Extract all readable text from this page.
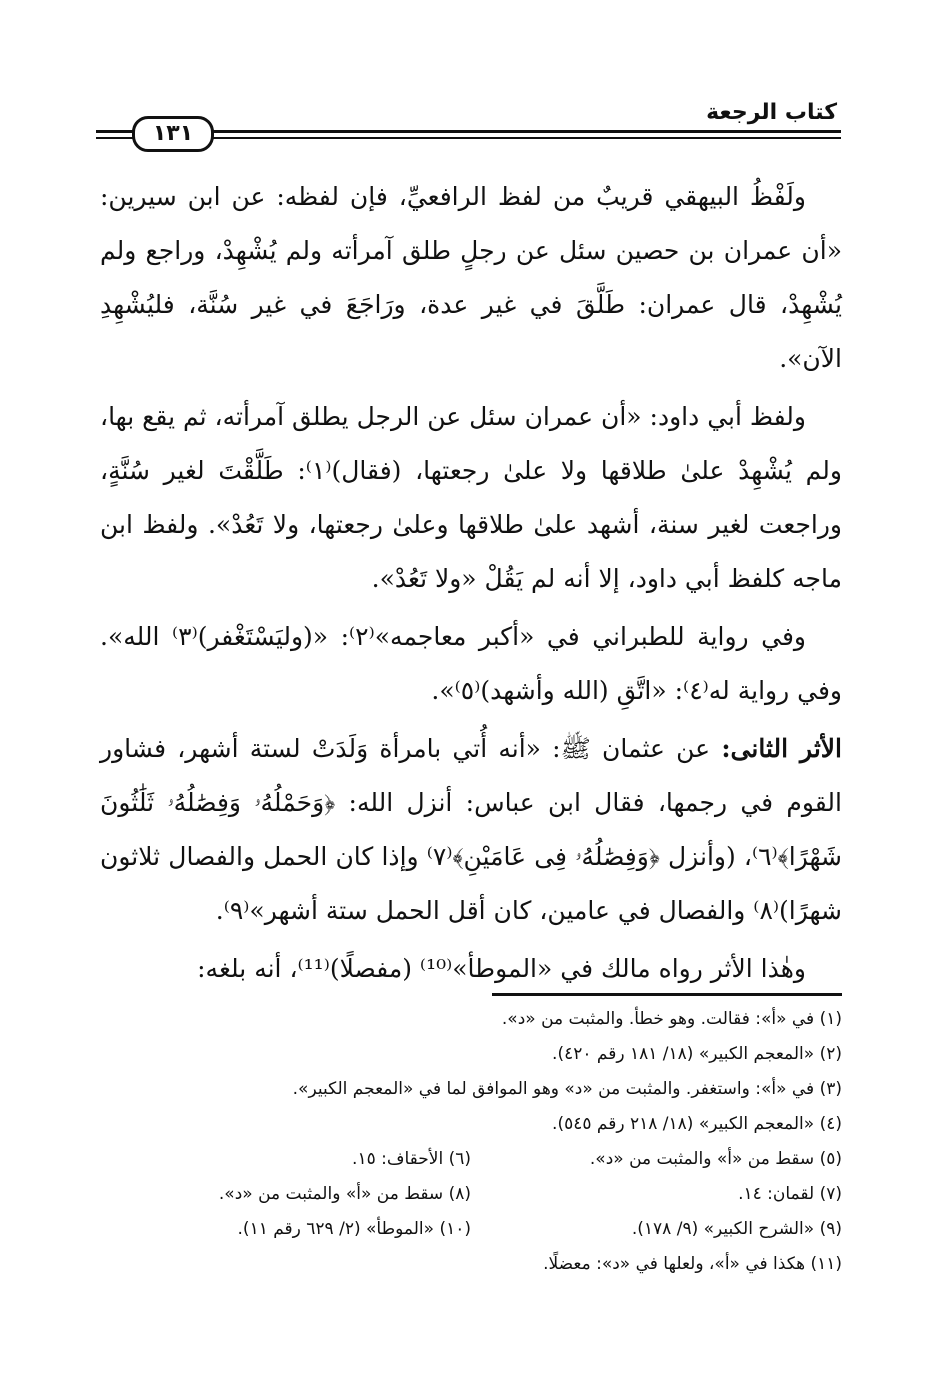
١٣١
كتاب الرجعة

ولَفْظُ البيهقي قريبٌ من لفظ الرافعيِّ، فإن لفظه: عن ابن سيرين: «أن عمران بن حصين سئل عن رجلٍ طلق آمرأته ولم يُشْهِدْ، وراجع ولم يُشْهِدْ، قال عمران: طَلَّقَ في غير عدة، ورَاجَعَ في غير سُنَّة، فليُشْهِدِ الآن».

ولفظ أبي داود: «أن عمران سئل عن الرجل يطلق آمرأته، ثم يقع بها، ولم يُشْهِدْ علىٰ طلاقها ولا علىٰ رجعتها، (فقال)⁽١⁾: طَلَّقْتَ لغير سُنَّةٍ، وراجعت لغير سنة، أشهد علىٰ طلاقها وعلىٰ رجعتها، ولا تَعُدْ». ولفظ ابن ماجه كلفظ أبي داود، إلا أنه لم يَقُلْ «ولا تَعُدْ».

وفي رواية للطبراني في «أكبر معاجمه»⁽٢⁾: «(وليَسْتَغْفر)⁽٣⁾ الله». وفي رواية له⁽٤⁾: «اتَّقِ (الله وأشهد)⁽٥⁾».

الأثر الثانى: عن عثمان ﷺ: «أنه أُتي بامرأة وَلَدَتْ لستة أشهر، فشاور القوم في رجمها، فقال ابن عباس: أنزل الله: ﴿وَحَمْلُهُۥ وَفِصَٰلُهُۥ ثَلَٰثُونَ شَهْرًا﴾⁽٦⁾، (وأنزل ﴿وَفِصَٰلُهُۥ فِى عَامَيْنِ﴾⁽٧⁾ وإذا كان الحمل والفصال ثلاثون شهرًا)⁽٨⁾ والفصال في عامين، كان أقل الحمل ستة أشهر»⁽٩⁾.

وهٰذا الأثر رواه مالك في «الموطأ»⁽¹⁰⁾ (مفصلًا)⁽¹¹⁾، أنه بلغه:

(١) في «أ»: فقالت. وهو خطأ. والمثبت من «د».
(٢) «المعجم الكبير» (١٨/ ١٨١ رقم ٤٢٠).
(٣) في «أ»: واستغفر. والمثبت من «د» وهو الموافق لما في «المعجم الكبير».
(٤) «المعجم الكبير» (١٨/ ٢١٨ رقم ٥٤٥).
(٥) سقط من «أ» والمثبت من «د».
(٦) الأحقاف: ١٥.
(٧) لقمان: ١٤.
(٨) سقط من «أ» والمثبت من «د».
(٩) «الشرح الكبير» (٩/ ١٧٨).
(١٠) «الموطأ» (٢/ ٦٢٩ رقم ١١).
(١١) هكذا في «أ»، ولعلها في «د»: معضلًا.
